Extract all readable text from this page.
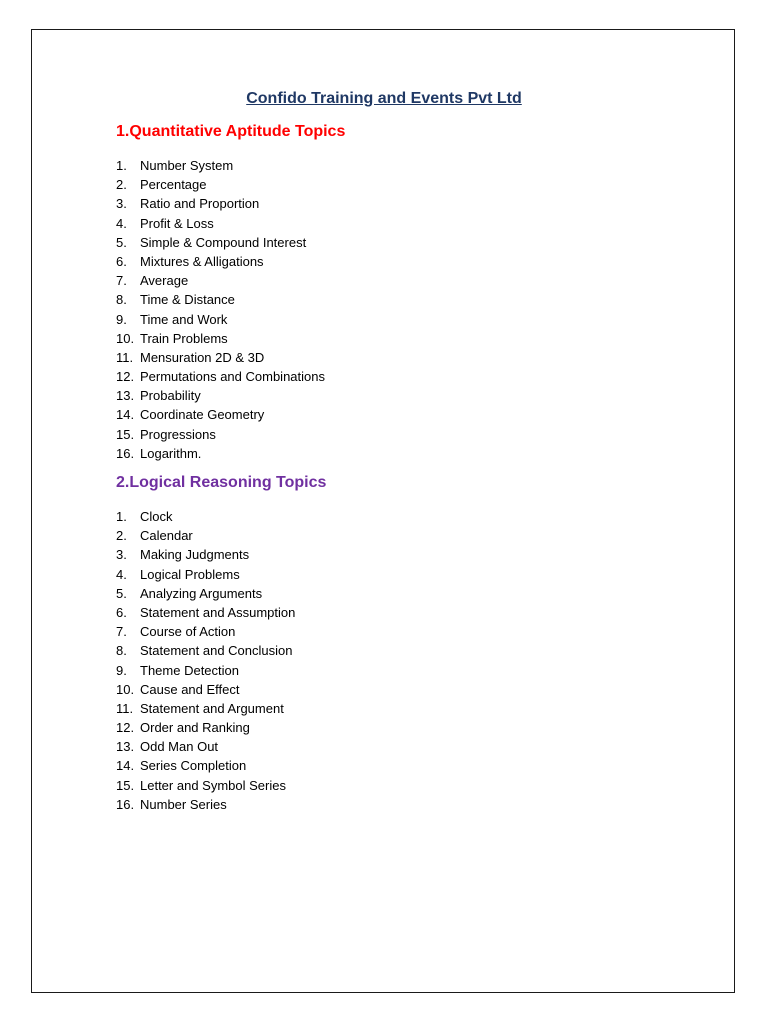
Confido Training and Events Pvt Ltd
1.Quantitative Aptitude Topics
1. Number System
2. Percentage
3. Ratio and Proportion
4. Profit & Loss
5. Simple & Compound Interest
6. Mixtures & Alligations
7. Average
8. Time & Distance
9. Time and Work
10. Train Problems
11. Mensuration 2D & 3D
12. Permutations and Combinations
13. Probability
14. Coordinate Geometry
15. Progressions
16. Logarithm.
2.Logical Reasoning Topics
1. Clock
2. Calendar
3. Making Judgments
4. Logical Problems
5. Analyzing Arguments
6. Statement and Assumption
7. Course of Action
8. Statement and Conclusion
9. Theme Detection
10. Cause and Effect
11. Statement and Argument
12. Order and Ranking
13. Odd Man Out
14. Series Completion
15. Letter and Symbol Series
16. Number Series
